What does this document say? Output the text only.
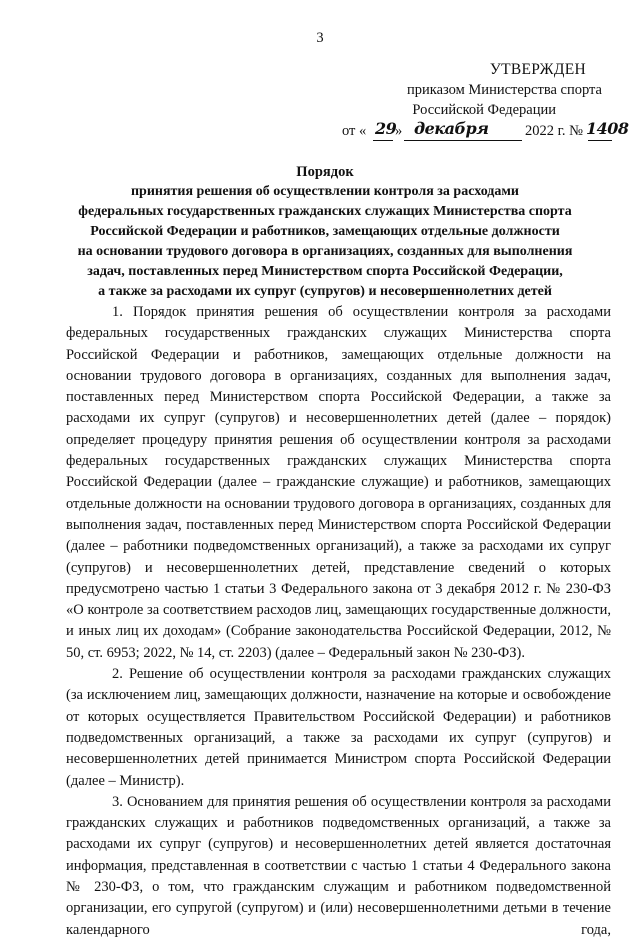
3
УТВЕРЖДЕН
приказом Министерства спорта
Российской Федерации
от « 29
» декабря	2022 г. № 1408
Порядок
принятия решения об осуществлении контроля за расходами
федеральных государственных гражданских служащих Министерства спорта
Российской Федерации и работников, замещающих отдельные должности
на основании трудового договора в организациях, созданных для выполнения
задач, поставленных перед Министерством спорта Российской Федерации,
а также за расходами их супруг (супругов) и несовершеннолетних детей

1. Порядок принятия решения об осуществлении контроля за расходами федеральных государственных гражданских служащих Министерства спорта Российской Федерации и работников, замещающих отдельные должности на основании трудового договора в организациях, созданных для выполнения задач, поставленных перед Министерством спорта Российской Федерации, а также за расходами их супруг (супругов) и несовершеннолетних детей (далее – порядок) определяет процедуру принятия решения об осуществлении контроля за расходами федеральных государственных гражданских служащих Министерства спорта Российской Федерации (далее – гражданские служащие) и работников, замещающих отдельные должности на основании трудового договора в организациях, созданных для выполнения задач, поставленных перед Министерством спорта Российской Федерации (далее – работники подведомственных организаций), а также за расходами их супруг (супругов) и несовершеннолетних детей, представление сведений о которых предусмотрено частью 1 статьи 3 Федерального закона от 3 декабря 2012 г. № 230-ФЗ «О контроле за соответствием расходов лиц, замещающих государственные должности, и иных лиц их доходам» (Собрание законодательства Российской Федерации, 2012, № 50, ст. 6953; 2022, № 14, ст. 2203) (далее – Федеральный закон № 230-ФЗ).

2. Решение об осуществлении контроля за расходами гражданских служащих (за исключением лиц, замещающих должности, назначение на которые и освобождение от которых осуществляется Правительством Российской Федерации) и работников подведомственных организаций, а также за расходами их супруг (супругов) и несовершеннолетних детей принимается Министром спорта Российской Федерации (далее – Министр).

3. Основанием для принятия решения об осуществлении контроля за расходами гражданских служащих и работников подведомственных организаций, а также за расходами их супруг (супругов) и несовершеннолетних детей является достаточная информация, представленная в соответствии с частью 1 статьи 4 Федерального закона № 230-ФЗ, о том, что гражданским служащим и работником подведомственной организации, его супругой (супругом) и (или) несовершеннолетними детьми в течение календарного года,
